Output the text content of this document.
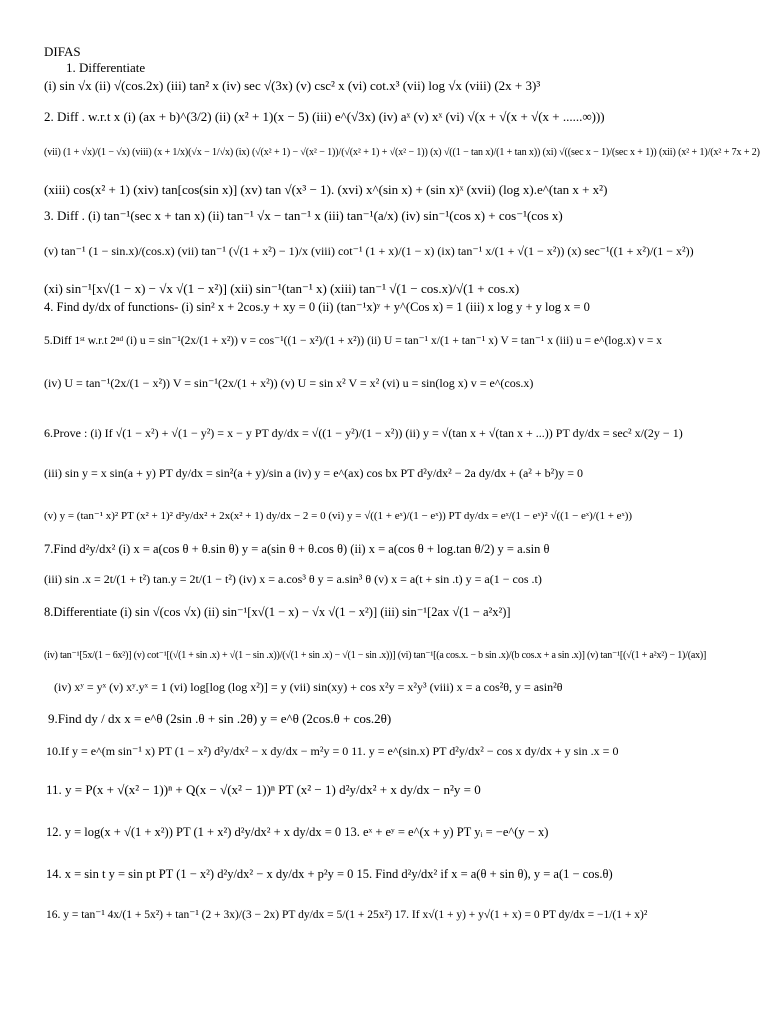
DIFAS
1. Differentiate
(i) sin √x (ii) √(cos.2x) (iii) tan² x (iv) sec √(3x) (v) csc² x (vi) cot.x³ (vii) log √x (viii) (2x + 3)³
2. Diff . w.r.t x (i) (ax + b)^(3/2) (ii) (x² + 1)(x − 5) (iii) e^(√3x) (iv) aˣ (v) xˣ (vi) √(x + √(x + √(x + ......∞)))
(vii) (1 + √x)/(1 − √x) (viii) (x + 1/x)(√x − 1/√x) (ix) (√(x² + 1) − √(x² − 1))/(√(x² + 1) + √(x² − 1)) (x) √((1 − tan x)/(1 + tan x)) (xi) √((sec x − 1)/(sec x + 1)) (xii) (x² + 1)/(x² + 7x + 2)
(xiii) cos(x² + 1) (xiv) tan[cos(sin x)] (xv) tan √(x³ − 1). (xvi) x^(sin x) + (sin x)ˣ (xvii) (log x).e^(tan x + x²)
3. Diff . (i) tan⁻¹(sec x + tan x) (ii) tan⁻¹ √x − tan⁻¹ x (iii) tan⁻¹(a/x) (iv) sin⁻¹(cos x) + cos⁻¹(cos x)
(v) tan⁻¹ (1 − sin.x)/(cos.x) (vii) tan⁻¹ (√(1 + x²) − 1)/x (viii) cot⁻¹ (1 + x)/(1 − x) (ix) tan⁻¹ x/(1 + √(1 − x²)) (x) sec⁻¹((1 + x²)/(1 − x²))
(xi) sin⁻¹[x√(1 − x) − √x √(1 − x²)] (xii) sin⁻¹(tan⁻¹ x) (xiii) tan⁻¹ √(1 − cos.x)/√(1 + cos.x)
4. Find dy/dx of functions- (i) sin² x + 2cos.y + xy = 0 (ii) (tan⁻¹x)ʸ + y^(Cos x) = 1 (iii) x log y + y log x = 0
5.Diff 1ˢᵗ w.r.t 2ⁿᵈ (i) u = sin⁻¹(2x/(1 + x²)) v = cos⁻¹((1 − x²)/(1 + x²)) (ii) U = tan⁻¹ x/(1 + tan⁻¹ x) V = tan⁻¹ x (iii) u = e^(log.x) v = x
(iv) U = tan⁻¹(2x/(1 − x²)) V = sin⁻¹(2x/(1 + x²)) (v) U = sin x² V = x² (vi) u = sin(log x) v = e^(cos.x)
6.Prove : (i) If √(1 − x²) + √(1 − y²) = x − y PT dy/dx = √((1 − y²)/(1 − x²)) (ii) y = √(tan x + √(tan x + ...)) PT dy/dx = sec² x/(2y − 1)
(iii) sin y = x sin(a + y) PT dy/dx = sin²(a + y)/sin a (iv) y = e^(ax) cos bx PT d²y/dx² − 2a dy/dx + (a² + b²)y = 0
(v) y = (tan⁻¹ x)² PT (x² + 1)² d²y/dx² + 2x(x² + 1) dy/dx − 2 = 0 (vi) y = √((1 + eˣ)/(1 − eˣ)) PT dy/dx = eˣ/(1 − eˣ)² √((1 − eˣ)/(1 + eˣ))
7.Find d²y/dx² (i) x = a(cos θ + θ.sin θ) y = a(sin θ + θ.cos θ) (ii) x = a(cos θ + log.tan θ/2) y = a.sin θ
(iii) sin .x = 2t/(1 + t²) tan.y = 2t/(1 − t²) (iv) x = a.cos³ θ y = a.sin³ θ (v) x = a(t + sin .t) y = a(1 − cos .t)
8.Differentiate (i) sin √(cos √x) (ii) sin⁻¹[x√(1 − x) − √x √(1 − x²)] (iii) sin⁻¹[2ax √(1 − a²x²)]
(iv) tan⁻¹[5x/(1 − 6x²)] (v) cot⁻¹[(√(1 + sin .x) + √(1 − sin .x))/(√(1 + sin .x) − √(1 − sin .x))] (vi) tan⁻¹[(a cos.x. − b sin .x)/(b cos.x + a sin .x)] (v) tan⁻¹[(√(1 + a²x²) − 1)/(ax)]
(iv) xʸ = yˣ (v) xʸ.yˣ = 1 (vi) log[log (log x²)] = y (vii) sin(xy) + cos x²y = x²y³ (viii) x = a cos²θ, y = asin²θ
9.Find dy / dx x = e^θ (2sin .θ + sin .2θ) y = e^θ (2cos.θ + cos.2θ)
10.If y = e^(m sin⁻¹ x) PT (1 − x²) d²y/dx² − x dy/dx − m²y = 0 11. y = e^(sin.x) PT d²y/dx² − cos x dy/dx + y sin .x = 0
11. y = P(x + √(x² − 1))ⁿ + Q(x − √(x² − 1))ⁿ PT (x² − 1) d²y/dx² + x dy/dx − n²y = 0
12. y = log(x + √(1 + x²)) PT (1 + x²) d²y/dx² + x dy/dx = 0 13. eˣ + eʸ = e^(x + y) PT yᵢ = −e^(y − x)
14. x = sin t y = sin pt PT (1 − x²) d²y/dx² − x dy/dx + p²y = 0 15. Find d²y/dx² if x = a(θ + sin θ), y = a(1 − cos.θ)
16. y = tan⁻¹ 4x/(1 + 5x²) + tan⁻¹ (2 + 3x)/(3 − 2x) PT dy/dx = 5/(1 + 25x²) 17. If x√(1 + y) + y√(1 + x) = 0 PT dy/dx = −1/(1 + x)²
